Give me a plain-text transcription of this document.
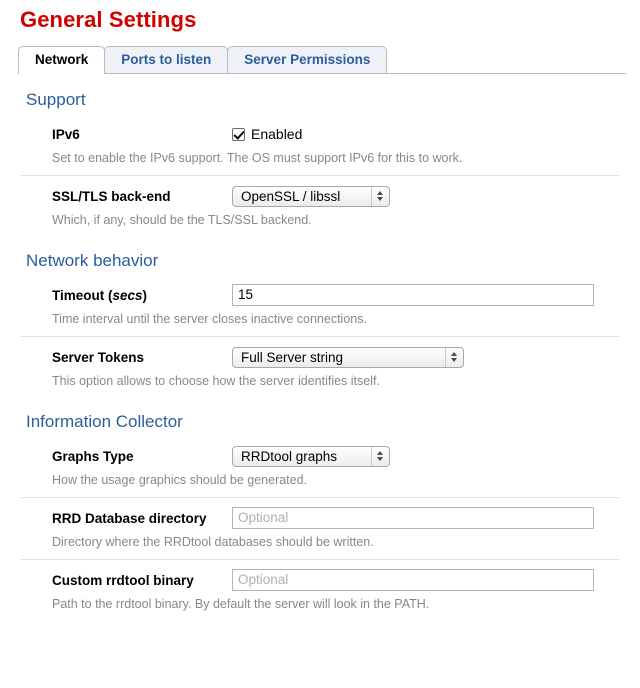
General Settings
Network	Ports to listen	Server Permissions
Support
IPv6	Enabled
Set to enable the IPv6 support. The OS must support IPv6 for this to work.
SSL/TLS back-end	OpenSSL / libssl
Which, if any, should be the TLS/SSL backend.
Network behavior
Timeout (secs)	15
Time interval until the server closes inactive connections.
Server Tokens	Full Server string
This option allows to choose how the server identifies itself.
Information Collector
Graphs Type	RRDtool graphs
How the usage graphics should be generated.
RRD Database directory	Optional
Directory where the RRDtool databases should be written.
Custom rrdtool binary	Optional
Path to the rrdtool binary. By default the server will look in the PATH.
